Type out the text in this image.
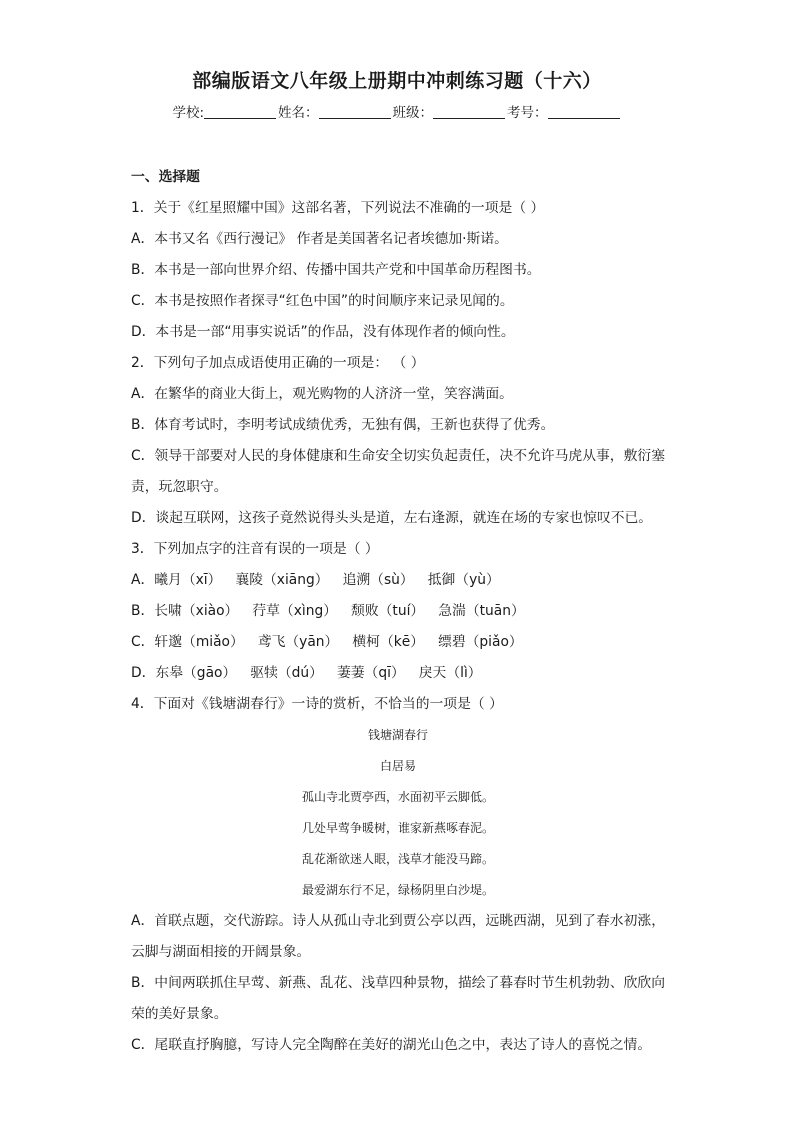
部编版语文八年级上册期中冲刺练习题（十六）
学校:	姓名：	班级：	考号：
一、选择题
1．关于《红星照耀中国》这部名著，下列说法不准确的一项是（ ）
A．本书又名《西行漫记》 作者是美国著名记者埃德加·斯诺。
B．本书是一部向世界介绍、传播中国共产党和中国革命历程图书。
C．本书是按照作者探寻“红色中国”的时间顺序来记录见闻的。
D．本书是一部“用事实说话”的作品，没有体现作者的倾向性。
2．下列句子加点成语使用正确的一项是： （ ）
A．在繁华的商业大街上，观光购物的人济济一堂，笑容满面。
B．体育考试时，李明考试成绩优秀，无独有偶，王新也获得了优秀。
C．领导干部要对人民的身体健康和生命安全切实负起责任，决不允许马虎从事，敷衍塞责，玩忽职守。
D．谈起互联网，这孩子竟然说得头头是道，左右逢源，就连在场的专家也惊叹不已。
3．下列加点字的注音有误的一项是（ ）
A．曦月（xī） 襄陵（xiāng） 追溯（sù） 抵御（yù）
B．长啸（xiào） 荇草（xìng） 颓败（tuí） 急湍（tuān）
C．轩邈（miǎo） 鸢飞（yān） 横柯（kē） 缥碧（piǎo）
D．东皋（gāo） 驱犊（dú） 萋萋（qī） 戾天（lì）
4．下面对《钱塘湖春行》一诗的赏析，不恰当的一项是（ ）
钱塘湖春行
白居易
孤山寺北贾亭西，水面初平云脚低。
几处早莺争暖树，谁家新燕啄春泥。
乱花渐欲迷人眼，浅草才能没马蹄。
最爱湖东行不足，绿杨阴里白沙堤。
A．首联点题，交代游踪。诗人从孤山寺北到贾公亭以西，远眺西湖，见到了春水初涨，云脚与湖面相接的开阔景象。
B．中间两联抓住早莺、新燕、乱花、浅草四种景物，描绘了暮春时节生机勃勃、欣欣向荣的美好景象。
C．尾联直抒胸臆，写诗人完全陶醉在美好的湖光山色之中，表达了诗人的喜悦之情。
